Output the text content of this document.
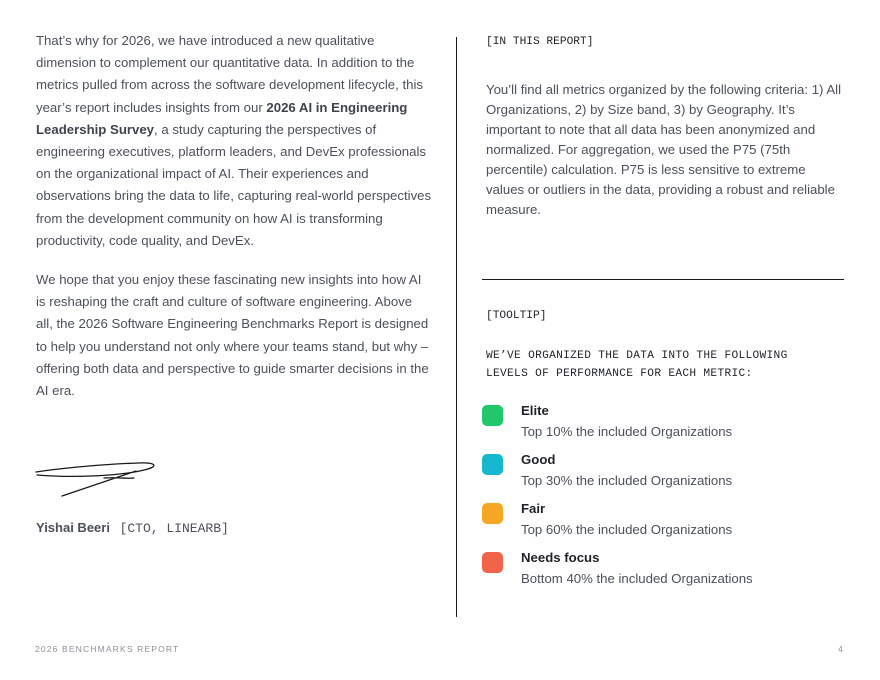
That’s why for 2026, we have introduced a new qualitative dimension to complement our quantitative data. In addition to the metrics pulled from across the software development lifecycle, this year’s report includes insights from our 2026 AI in Engineering Leadership Survey, a study capturing the perspectives of engineering executives, platform leaders, and DevEx professionals on the organizational impact of AI. Their experiences and observations bring the data to life, capturing real-world perspectives from the development community on how AI is transforming productivity, code quality, and DevEx.

We hope that you enjoy these fascinating new insights into how AI is reshaping the craft and culture of software engineering. Above all, the 2026 Software Engineering Benchmarks Report is designed to help you understand not only where your teams stand, but why – offering both data and perspective to guide smarter decisions in the AI era.

Yishai Beeri [CTO, LINEARB]
[IN THIS REPORT]
You’ll find all metrics organized by the following criteria: 1) All Organizations, 2) by Size band, 3) by Geography. It’s important to note that all data has been anonymized and normalized. For aggregation, we used the P75 (75th percentile) calculation. P75 is less sensitive to extreme values or outliers in the data, providing a robust and reliable measure.
[TOOLTIP]
WE’VE ORGANIZED THE DATA INTO THE FOLLOWING LEVELS OF PERFORMANCE FOR EACH METRIC:
Elite
Top 10% the included Organizations
Good
Top 30% the included Organizations
Fair
Top 60% the included Organizations
Needs focus
Bottom 40% the included Organizations
2026 BENCHMARKS REPORT	4
